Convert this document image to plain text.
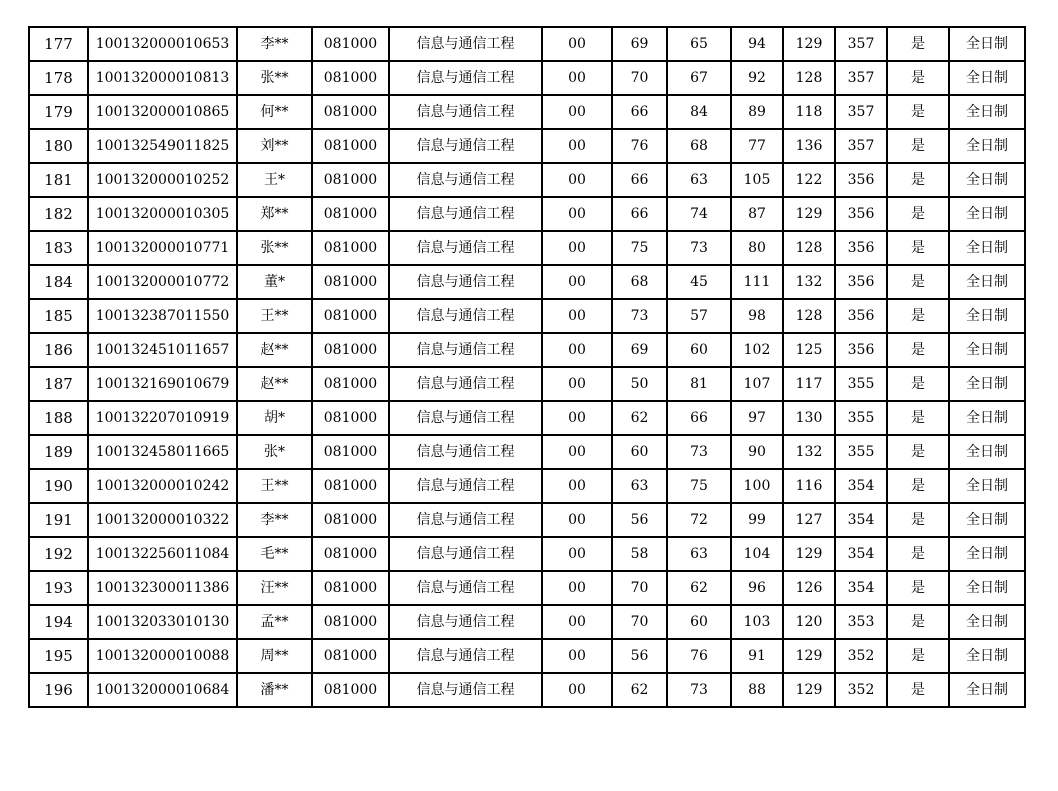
177	100132000010653	李**	081000	信息与通信工程	00	69	65	94	129	357	是	全日制
178	100132000010813	张**	081000	信息与通信工程	00	70	67	92	128	357	是	全日制
179	100132000010865	何**	081000	信息与通信工程	00	66	84	89	118	357	是	全日制
180	100132549011825	刘**	081000	信息与通信工程	00	76	68	77	136	357	是	全日制
181	100132000010252	王*	081000	信息与通信工程	00	66	63	105	122	356	是	全日制
182	100132000010305	郑**	081000	信息与通信工程	00	66	74	87	129	356	是	全日制
183	100132000010771	张**	081000	信息与通信工程	00	75	73	80	128	356	是	全日制
184	100132000010772	董*	081000	信息与通信工程	00	68	45	111	132	356	是	全日制
185	100132387011550	王**	081000	信息与通信工程	00	73	57	98	128	356	是	全日制
186	100132451011657	赵**	081000	信息与通信工程	00	69	60	102	125	356	是	全日制
187	100132169010679	赵**	081000	信息与通信工程	00	50	81	107	117	355	是	全日制
188	100132207010919	胡*	081000	信息与通信工程	00	62	66	97	130	355	是	全日制
189	100132458011665	张*	081000	信息与通信工程	00	60	73	90	132	355	是	全日制
190	100132000010242	王**	081000	信息与通信工程	00	63	75	100	116	354	是	全日制
191	100132000010322	李**	081000	信息与通信工程	00	56	72	99	127	354	是	全日制
192	100132256011084	毛**	081000	信息与通信工程	00	58	63	104	129	354	是	全日制
193	100132300011386	汪**	081000	信息与通信工程	00	70	62	96	126	354	是	全日制
194	100132033010130	孟**	081000	信息与通信工程	00	70	60	103	120	353	是	全日制
195	100132000010088	周**	081000	信息与通信工程	00	56	76	91	129	352	是	全日制
196	100132000010684	潘**	081000	信息与通信工程	00	62	73	88	129	352	是	全日制
